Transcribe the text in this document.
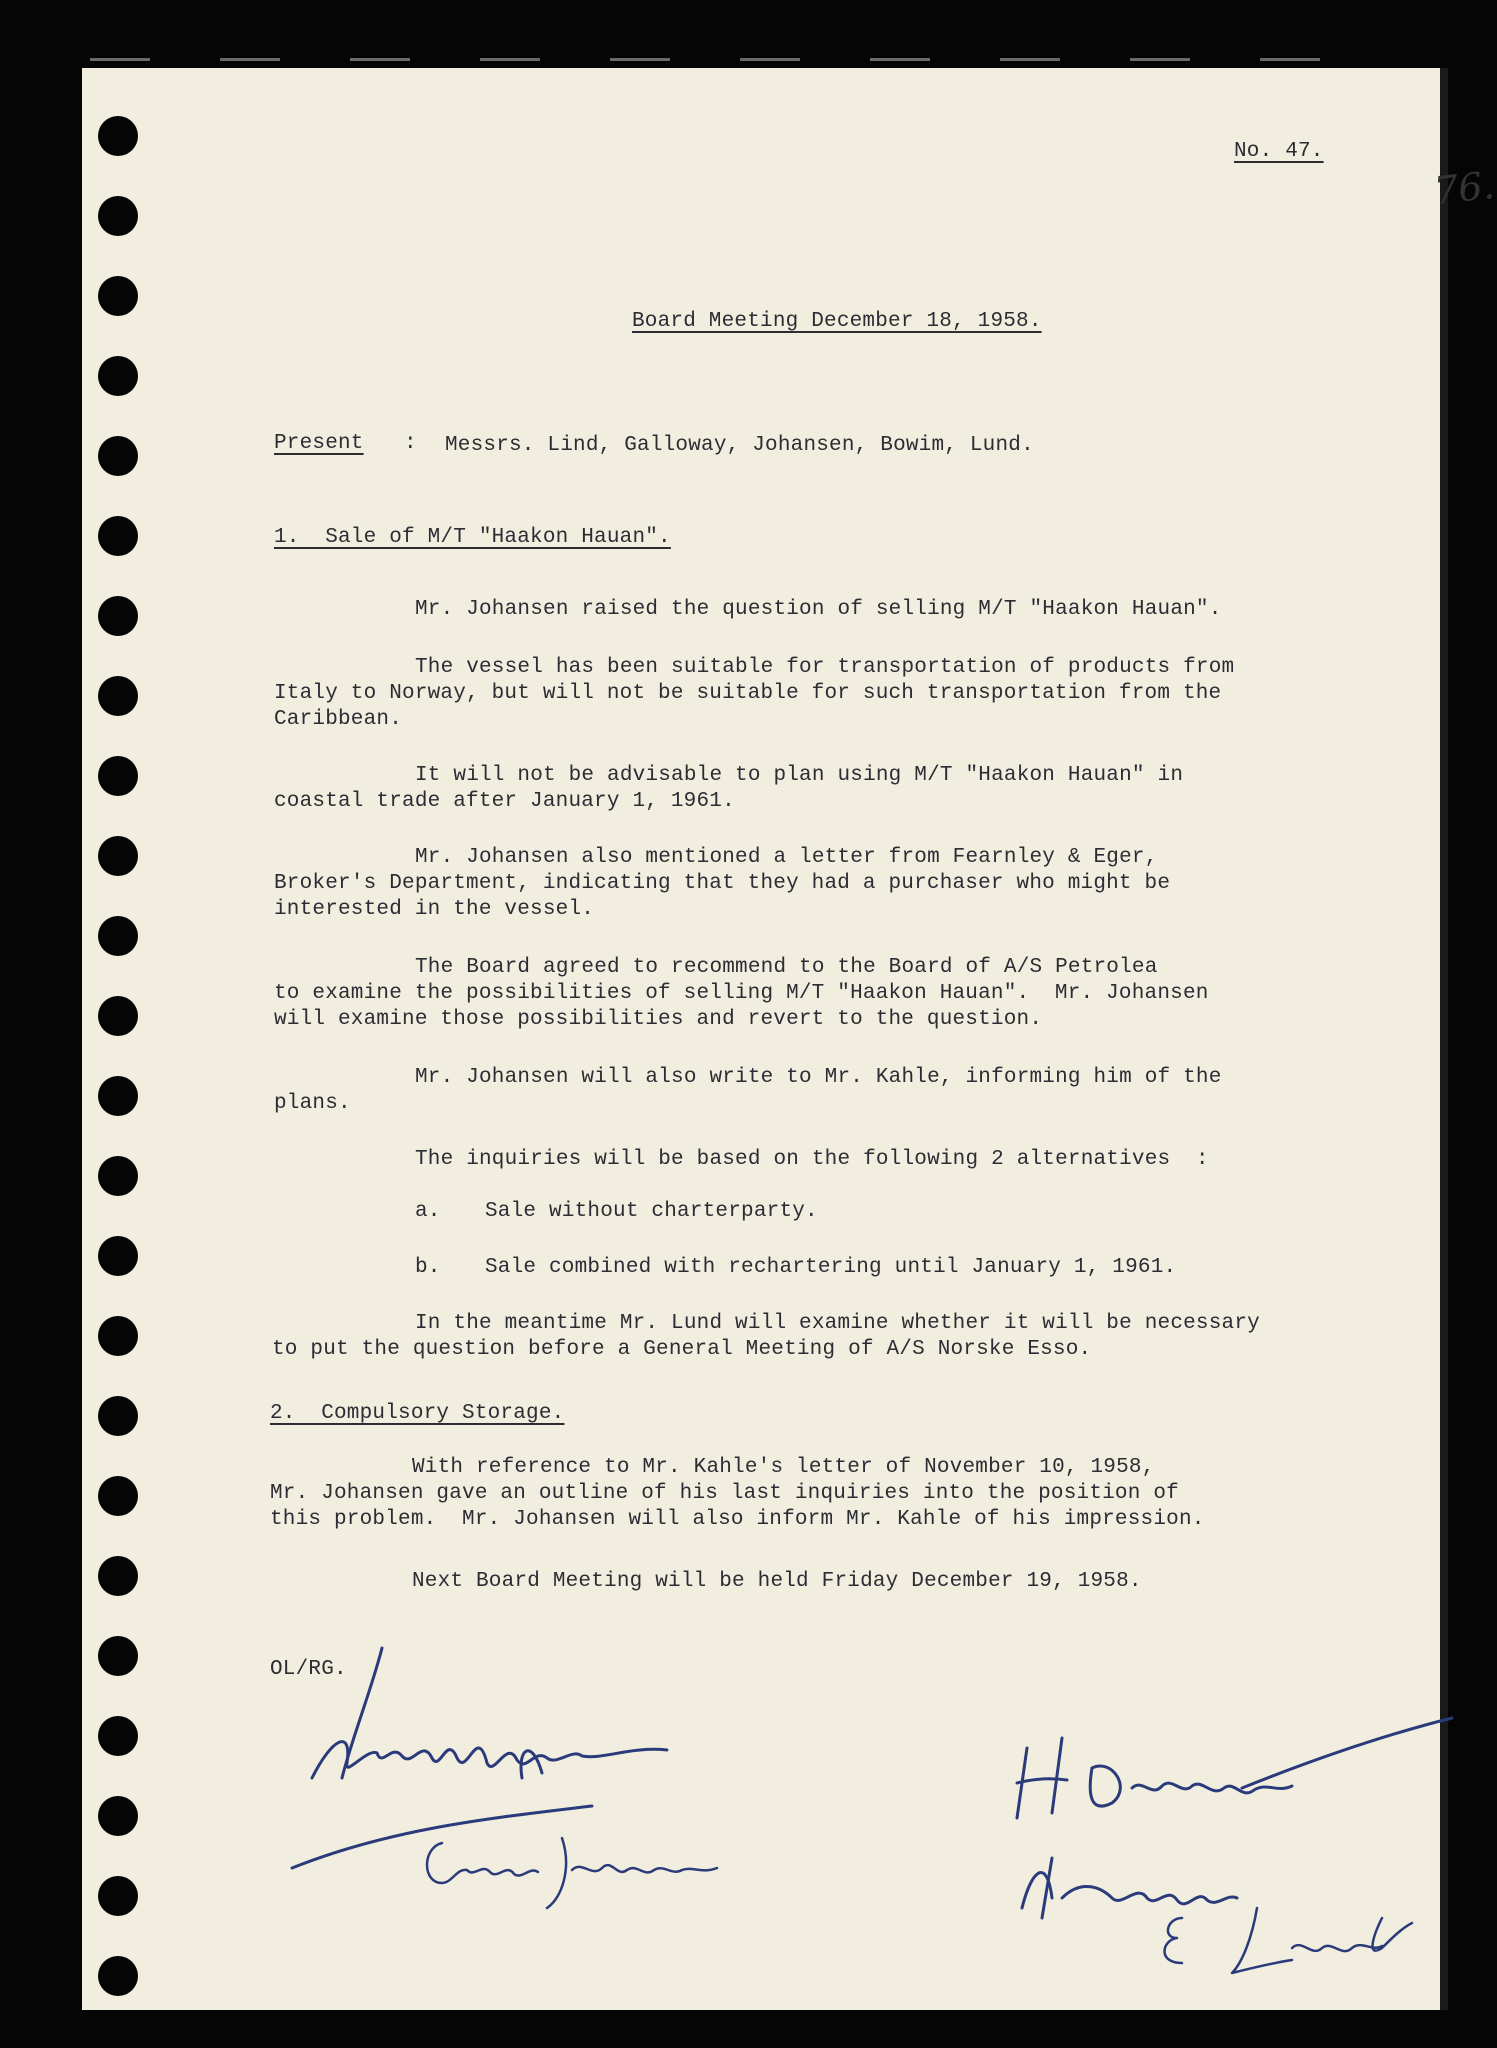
76.
No. 47.
Board Meeting December 18, 1958.
Present : Messrs. Lind, Galloway, Johansen, Bowim, Lund.
1.  Sale of M/T "Haakon Hauan".
Mr. Johansen raised the question of selling M/T "Haakon Hauan".
The vessel has been suitable for transportation of products from
Italy to Norway, but will not be suitable for such transportation from the
Caribbean.
It will not be advisable to plan using M/T "Haakon Hauan" in
coastal trade after January 1, 1961.
Mr. Johansen also mentioned a letter from Fearnley & Eger,
Broker's Department, indicating that they had a purchaser who might be
interested in the vessel.
The Board agreed to recommend to the Board of A/S Petrolea
to examine the possibilities of selling M/T "Haakon Hauan".  Mr. Johansen
will examine those possibilities and revert to the question.
Mr. Johansen will also write to Mr. Kahle, informing him of the
plans.
The inquiries will be based on the following 2 alternatives  :
a. Sale without charterparty.
b. Sale combined with rechartering until January 1, 1961.
In the meantime Mr. Lund will examine whether it will be necessary
to put the question before a General Meeting of A/S Norske Esso.
2.  Compulsory Storage.
With reference to Mr. Kahle's letter of November 10, 1958,
Mr. Johansen gave an outline of his last inquiries into the position of
this problem.  Mr. Johansen will also inform Mr. Kahle of his impression.
Next Board Meeting will be held Friday December 19, 1958.
OL/RG.
